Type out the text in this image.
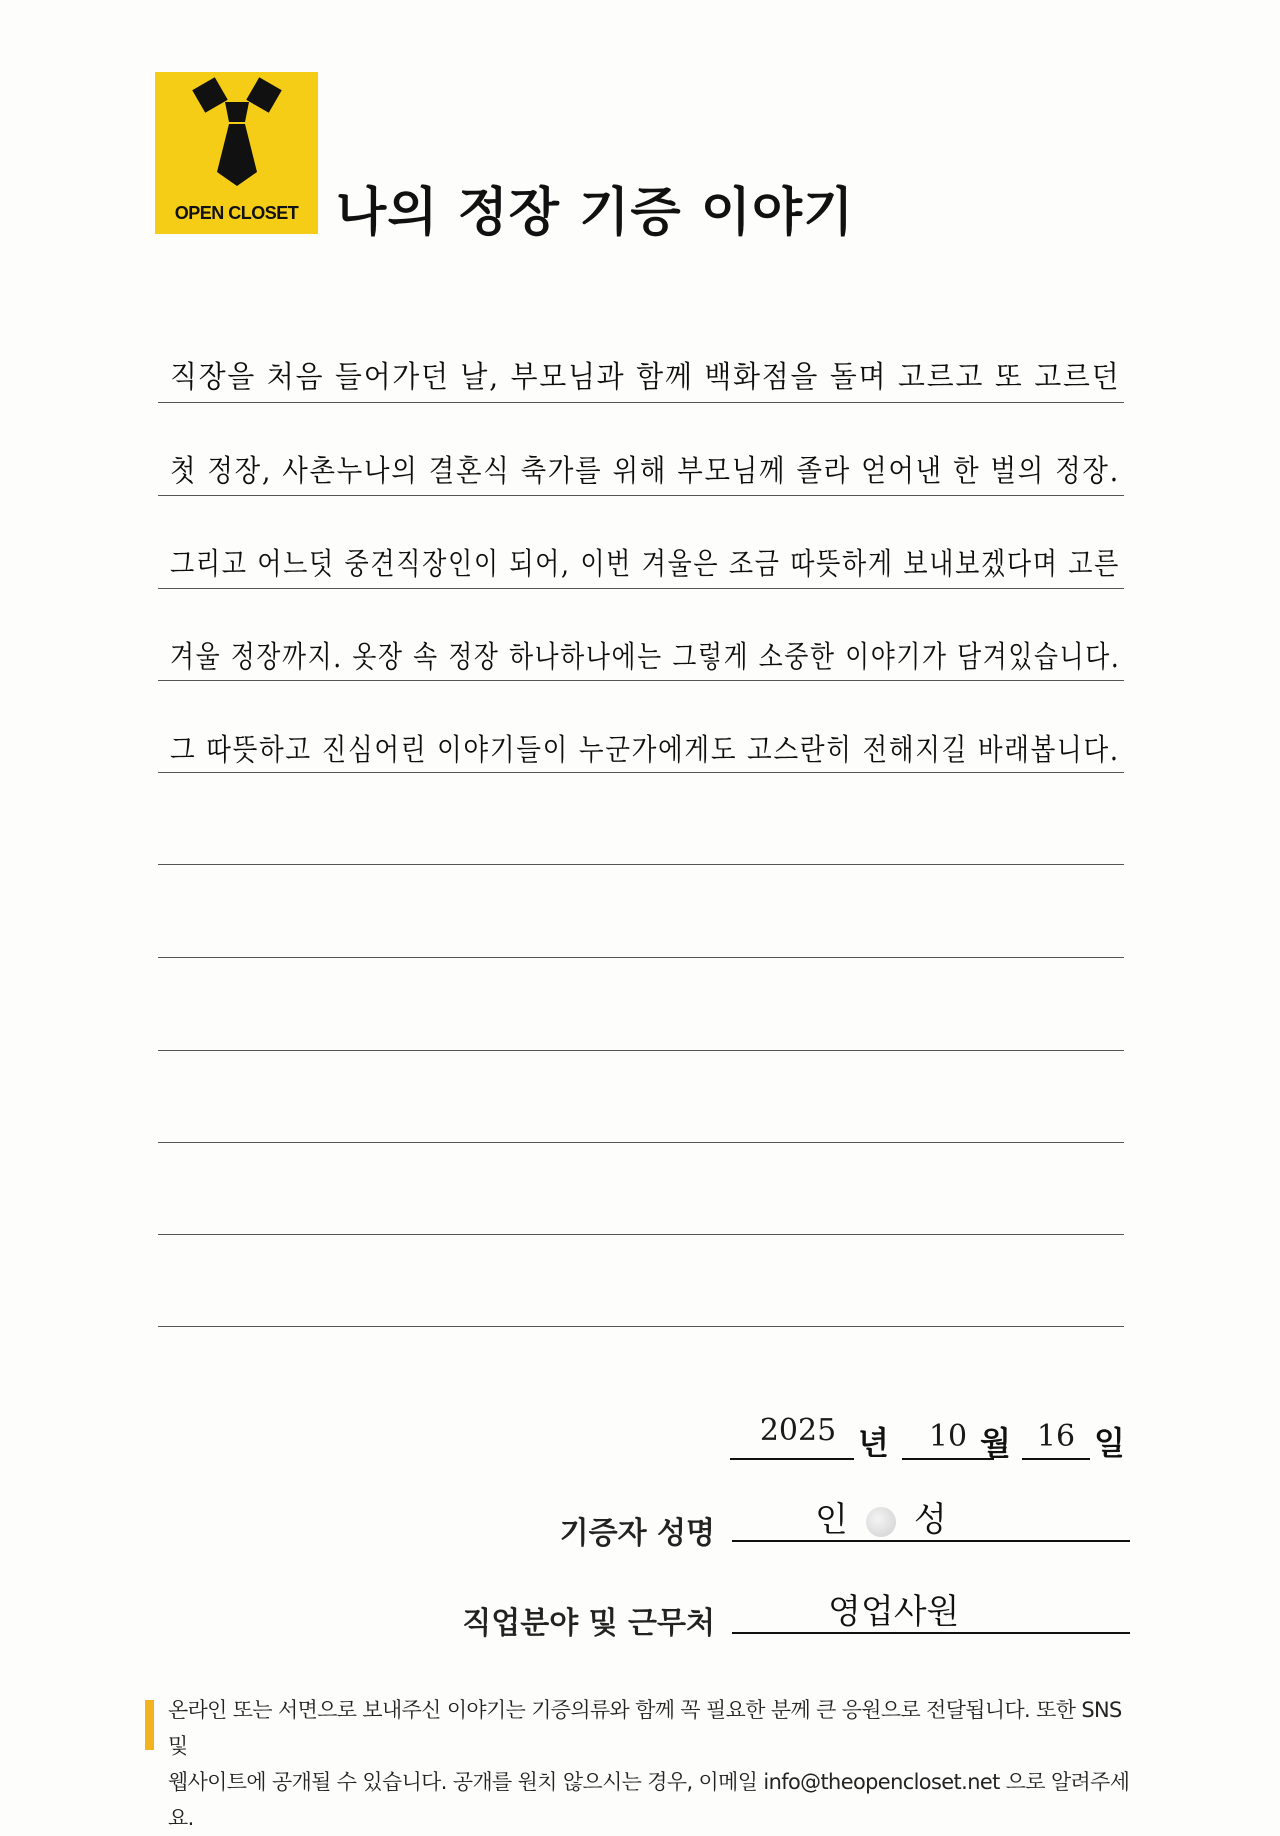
OPEN CLOSET 나의 정장 기증 이야기
직장을 처음 들어가던 날, 부모님과 함께 백화점을 돌며 고르고 또 고르던
첫 정장, 사촌누나의 결혼식 축가를 위해 부모님께 졸라 얻어낸 한 벌의 정장.
그리고 어느덧 중견직장인이 되어, 이번 겨울은 조금 따뜻하게 보내보겠다며 고른
겨울 정장까지. 옷장 속 정장 하나하나에는 그렇게 소중한 이야기가 담겨있습니다.
그 따뜻하고 진심어린 이야기들이 누군가에게도 고스란히 전해지길 바래봅니다.
2025 년	10 월 16 일
기증자 성명	인 성
직업분야 및 근무처	영업사원
온라인 또는 서면으로 보내주신 이야기는 기증의류와 함께 꼭 필요한 분께 큰 응원으로 전달됩니다. 또한 SNS 및
웹사이트에 공개될 수 있습니다. 공개를 원치 않으시는 경우, 이메일 info@theopencloset.net 으로 알려주세요.
